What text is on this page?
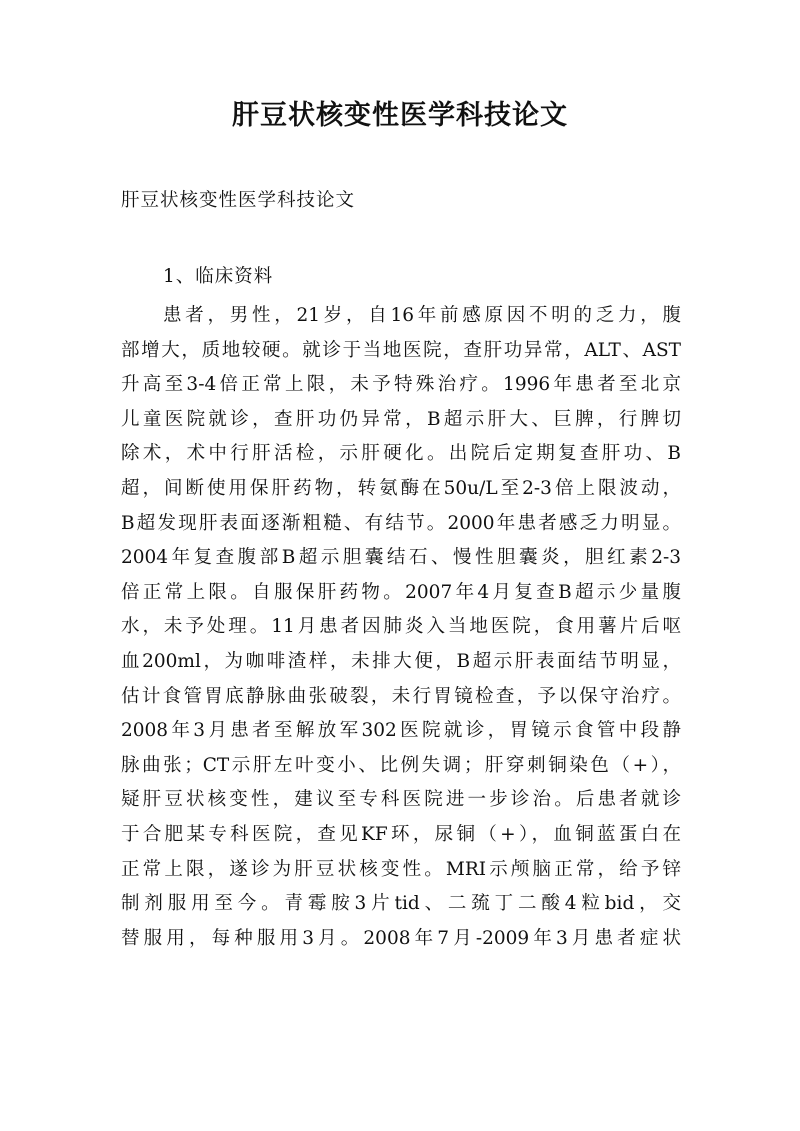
肝豆状核变性医学科技论文
肝豆状核变性医学科技论文
1、临床资料
患者，男性，21岁，自16年前感原因不明的乏力，腹
部增大，质地较硬。就诊于当地医院，查肝功异常，ALT、AST
升高至3-4倍正常上限，未予特殊治疗。1996年患者至北京
儿童医院就诊，查肝功仍异常，B超示肝大、巨脾，行脾切
除术，术中行肝活检，示肝硬化。出院后定期复查肝功、B
超，间断使用保肝药物，转氨酶在50u/L至2-3倍上限波动，
B超发现肝表面逐渐粗糙、有结节。2000年患者感乏力明显。
2004年复查腹部B超示胆囊结石、慢性胆囊炎，胆红素2-3
倍正常上限。自服保肝药物。2007年4月复查B超示少量腹
水，未予处理。11月患者因肺炎入当地医院，食用薯片后呕
血200ml，为咖啡渣样，未排大便，B超示肝表面结节明显，
估计食管胃底静脉曲张破裂，未行胃镜检查，予以保守治疗。
2008年3月患者至解放军302医院就诊，胃镜示食管中段静
脉曲张；CT示肝左叶变小、比例失调；肝穿刺铜染色（+），
疑肝豆状核变性，建议至专科医院进一步诊治。后患者就诊
于合肥某专科医院，查见KF环，尿铜（+），血铜蓝蛋白在
正常上限，遂诊为肝豆状核变性。MRI示颅脑正常，给予锌
制剂服用至今。青霉胺3片tid、二巯丁二酸4粒bid，交
替服用，每种服用3月。2008年7月-2009年3月患者症状
